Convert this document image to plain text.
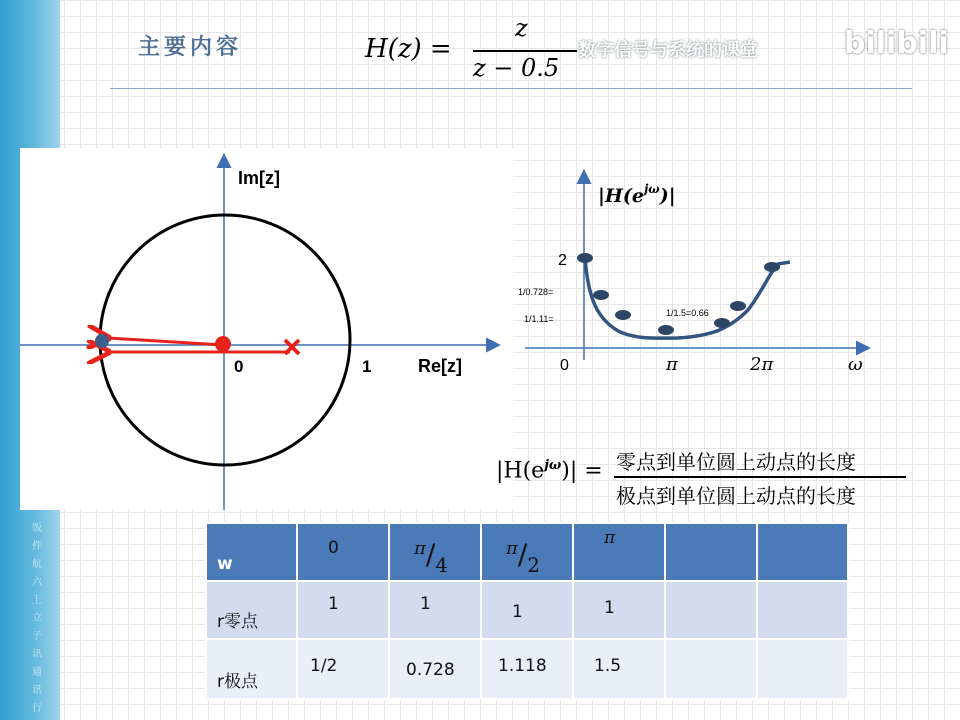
饭件航六上立子讯通讯行
主要内容	H(z) =
z
z − 0.5
数字信号与系统的课堂	bilibili
Im[z]
Re[z]
0	1
$|H(e^{j\omega})|$
2
1/0.728=
1/1.11=
1/1.5=0.66
0	π	2π	ω
$|H(e^{j\omega})|$ = 零点到单位圆上动点的长度
极点到单位圆上动点的长度
w	0	π/4	π/2	π		

r零点	1	1	1	1		

r极点	1/2	0.728	1.118	1.5		
